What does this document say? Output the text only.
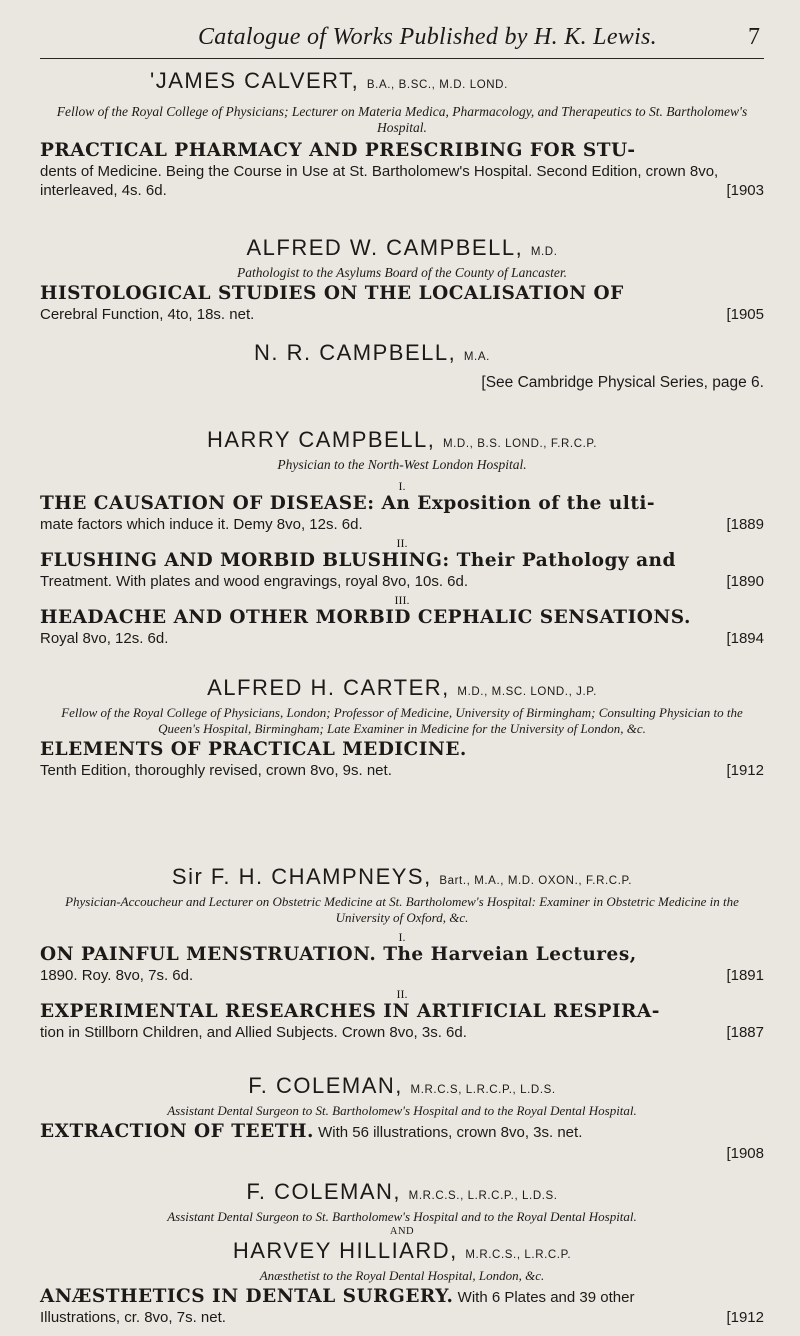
Catalogue of Works Published by H. K. Lewis.	7
'JAMES CALVERT, B.A., B.SC., M.D. LOND.
Fellow of the Royal College of Physicians; Lecturer on Materia Medica, Pharmacology, and Therapeutics to St. Bartholomew's Hospital.
PRACTICAL PHARMACY AND PRESCRIBING FOR STU-
[1903
dents of Medicine. Being the Course in Use at St. Bartholomew's Hospital. Second Edition, crown 8vo, interleaved, 4s. 6d.
ALFRED W. CAMPBELL, M.D.
Pathologist to the Asylums Board of the County of Lancaster.
HISTOLOGICAL STUDIES ON THE LOCALISATION OF
[1905
Cerebral Function, 4to, 18s. net.
N. R. CAMPBELL, M.A.
[See Cambridge Physical Series, page 6.
HARRY CAMPBELL, M.D., B.S. LOND., F.R.C.P.
Physician to the North-West London Hospital.
I.
THE CAUSATION OF DISEASE: An Exposition of the ulti-
[1889
mate factors which induce it. Demy 8vo, 12s. 6d.
II.
FLUSHING AND MORBID BLUSHING: Their Pathology and
[1890
Treatment. With plates and wood engravings, royal 8vo, 10s. 6d.
III.
HEADACHE AND OTHER MORBID CEPHALIC SENSATIONS.
[1894
Royal 8vo, 12s. 6d.
ALFRED H. CARTER, M.D., M.SC. LOND., J.P.
Fellow of the Royal College of Physicians, London; Professor of Medicine, University of Birmingham; Consulting Physician to the Queen's Hospital, Birmingham; Late Examiner in Medicine for the University of London, &c.
ELEMENTS OF PRACTICAL MEDICINE.
[1912
Tenth Edition, thoroughly revised, crown 8vo, 9s. net.
Sir F. H. CHAMPNEYS, Bart., M.A., M.D. OXON., F.R.C.P.
Physician-Accoucheur and Lecturer on Obstetric Medicine at St. Bartholomew's Hospital: Examiner in Obstetric Medicine in the University of Oxford, &c.
I.
ON PAINFUL MENSTRUATION. The Harveian Lectures,
[1891
1890. Roy. 8vo, 7s. 6d.
II.
EXPERIMENTAL RESEARCHES IN ARTIFICIAL RESPIRA-
[1887
tion in Stillborn Children, and Allied Subjects. Crown 8vo, 3s. 6d.
F. COLEMAN, M.R.C.S, L.R.C.P., L.D.S.
Assistant Dental Surgeon to St. Bartholomew's Hospital and to the Royal Dental Hospital.
EXTRACTION OF TEETH. With 56 illustrations, crown 8vo, 3s. net.
[1908
F. COLEMAN, M.R.C.S., L.R.C.P., L.D.S.
Assistant Dental Surgeon to St. Bartholomew's Hospital and to the Royal Dental Hospital.
AND
HARVEY HILLIARD, M.R.C.S., L.R.C.P.
Anæsthetist to the Royal Dental Hospital, London, &c.
ANÆSTHETICS IN DENTAL SURGERY. With 6 Plates and 39 other
[1912
Illustrations, cr. 8vo, 7s. net.
